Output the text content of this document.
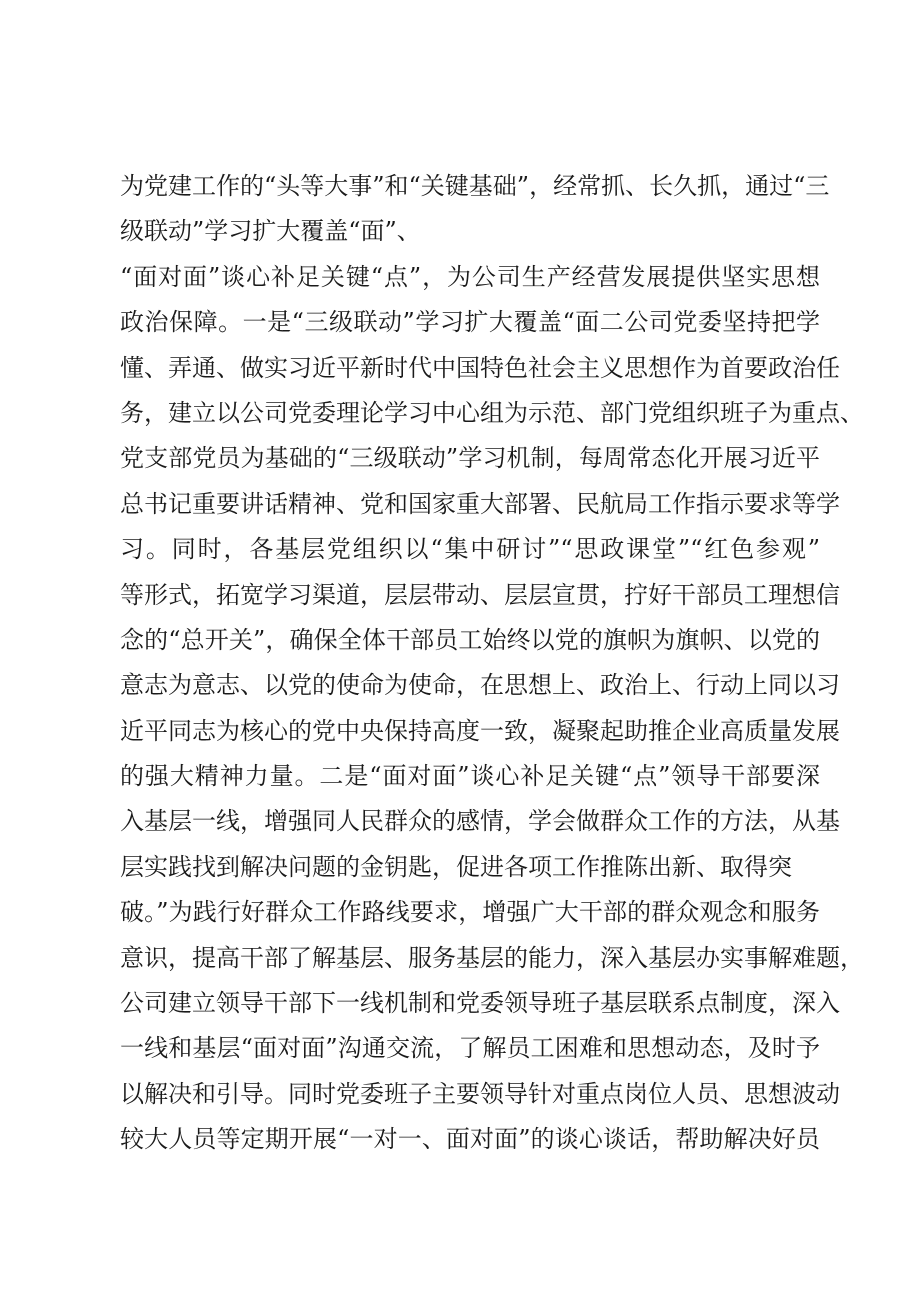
为党建工作的“头等大事”和“关键基础”，经常抓、长久抓，通过“三
级联动”学习扩大覆盖“面”、
“面对面”谈心补足关键“点”，为公司生产经营发展提供坚实思想
政治保障。一是“三级联动”学习扩大覆盖“面二公司党委坚持把学
懂、弄通、做实习近平新时代中国特色社会主义思想作为首要政治任
务，建立以公司党委理论学习中心组为示范、部门党组织班子为重点、
党支部党员为基础的“三级联动”学习机制，每周常态化开展习近平
总书记重要讲话精神、党和国家重大部署、民航局工作指示要求等学
习。同时，各基层党组织以“集中研讨”“思政课堂”“红色参观”
等形式，拓宽学习渠道，层层带动、层层宣贯，拧好干部员工理想信
念的“总开关”，确保全体干部员工始终以党的旗帜为旗帜、以党的
意志为意志、以党的使命为使命，在思想上、政治上、行动上同以习
近平同志为核心的党中央保持高度一致，凝聚起助推企业高质量发展
的强大精神力量。二是“面对面”谈心补足关键“点”领导干部要深
入基层一线，增强同人民群众的感情，学会做群众工作的方法，从基
层实践找到解决问题的金钥匙，促进各项工作推陈出新、取得突
破。”为践行好群众工作路线要求，增强广大干部的群众观念和服务
意识，提高干部了解基层、服务基层的能力，深入基层办实事解难题，
公司建立领导干部下一线机制和党委领导班子基层联系点制度，深入
一线和基层“面对面”沟通交流，了解员工困难和思想动态，及时予
以解决和引导。同时党委班子主要领导针对重点岗位人员、思想波动
较大人员等定期开展“一对一、面对面”的谈心谈话，帮助解决好员
